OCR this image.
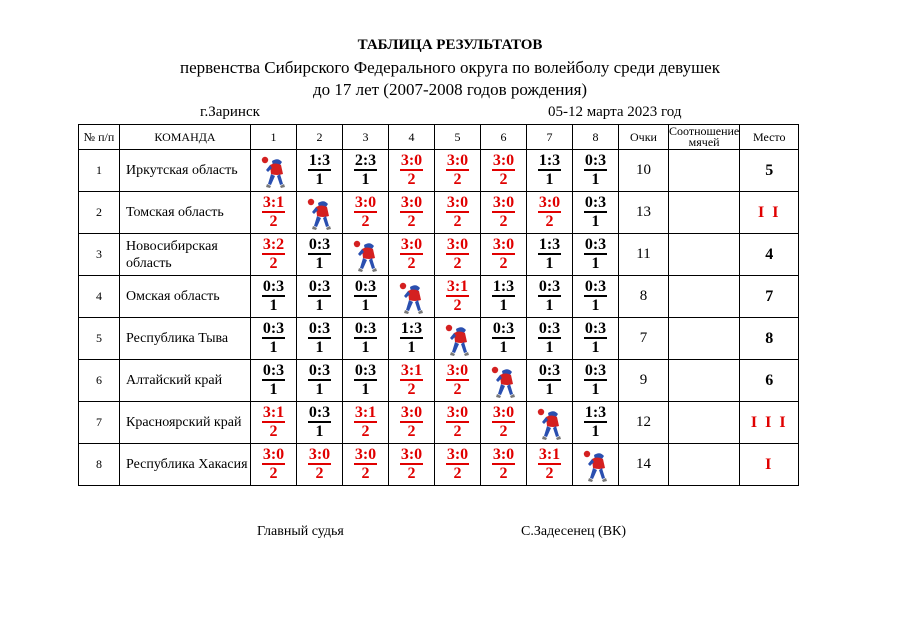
ТАБЛИЦА РЕЗУЛЬТАТОВ
первенства Сибирского Федерального округа по волейболу среди девушек
до 17 лет (2007-2008 годов рождения)
г.Заринск	05-12 марта 2023 год
№ п/п	КОМАНДА	1	2	3	4	5	6	7	8	Очки	Соотношение мячей	Место
1	Иркутская область		$\frac{1:3}{1}$	$\frac{2:3}{1}$	$\frac{3:0}{2}$	$\frac{3:0}{2}$	$\frac{3:0}{2}$	$\frac{1:3}{1}$	$\frac{0:3}{1}$	10		5
2	Томская область	$\frac{3:1}{2}$		$\frac{3:0}{2}$	$\frac{3:0}{2}$	$\frac{3:0}{2}$	$\frac{3:0}{2}$	$\frac{3:0}{2}$	$\frac{0:3}{1}$	13		I I
3	Новосибирская область	$\frac{3:2}{2}$	$\frac{0:3}{1}$		$\frac{3:0}{2}$	$\frac{3:0}{2}$	$\frac{3:0}{2}$	$\frac{1:3}{1}$	$\frac{0:3}{1}$	11		4
4	Омская область	$\frac{0:3}{1}$	$\frac{0:3}{1}$	$\frac{0:3}{1}$		$\frac{3:1}{2}$	$\frac{1:3}{1}$	$\frac{0:3}{1}$	$\frac{0:3}{1}$	8		7
5	Республика Тыва	$\frac{0:3}{1}$	$\frac{0:3}{1}$	$\frac{0:3}{1}$	$\frac{1:3}{1}$		$\frac{0:3}{1}$	$\frac{0:3}{1}$	$\frac{0:3}{1}$	7		8
6	Алтайский край	$\frac{0:3}{1}$	$\frac{0:3}{1}$	$\frac{0:3}{1}$	$\frac{3:1}{2}$	$\frac{3:0}{2}$		$\frac{0:3}{1}$	$\frac{0:3}{1}$	9		6
7	Красноярский край	$\frac{3:1}{2}$	$\frac{0:3}{1}$	$\frac{3:1}{2}$	$\frac{3:0}{2}$	$\frac{3:0}{2}$	$\frac{3:0}{2}$		$\frac{1:3}{1}$	12		I I I
8	Республика Хакасия	$\frac{3:0}{2}$	$\frac{3:0}{2}$	$\frac{3:0}{2}$	$\frac{3:0}{2}$	$\frac{3:0}{2}$	$\frac{3:0}{2}$	$\frac{3:1}{2}$		14		I
Главный судья	С.Задесенец (ВК)
